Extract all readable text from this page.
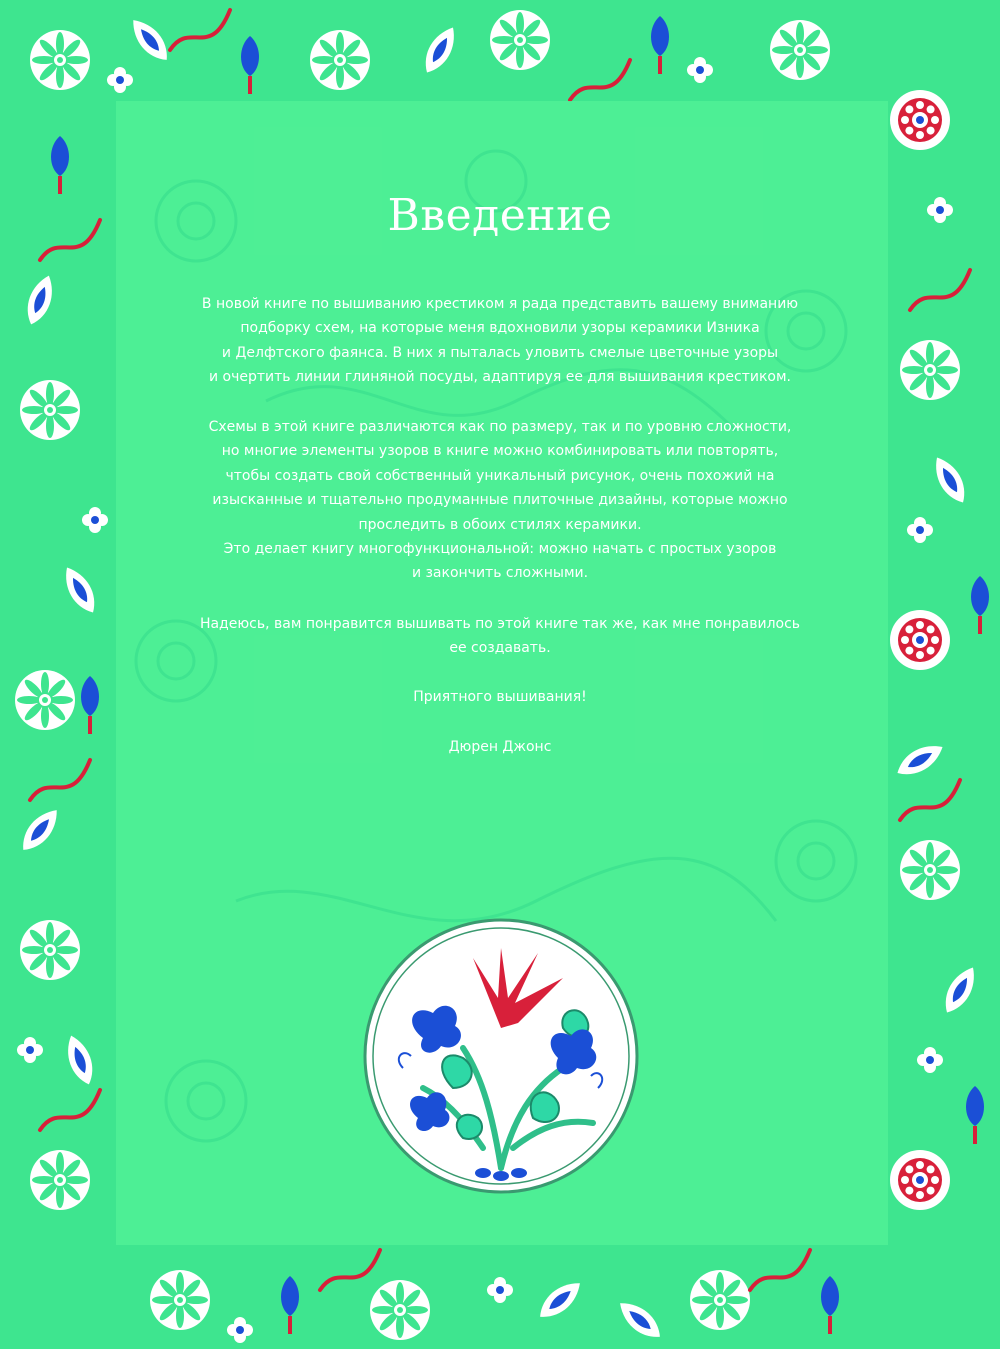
Введение
В новой книге по вышиванию крестиком я рада представить вашему вниманию
подборку схем, на которые меня вдохновили узоры керамики Изника
и Делфтского фаянса. В них я пыталась уловить смелые цветочные узоры
и очертить линии глиняной посуды, адаптируя ее для вышивания крестиком.
Схемы в этой книге различаются как по размеру, так и по уровню сложности,
но многие элементы узоров в книге можно комбинировать или повторять,
чтобы создать свой собственный уникальный рисунок, очень похожий на
изысканные и тщательно продуманные плиточные дизайны, которые можно
проследить в обоих стилях керамики.
Это делает книгу многофункциональной: можно начать с простых узоров
и закончить сложными.
Надеюсь, вам понравится вышивать по этой книге так же, как мне понравилось
ее создавать.
Приятного вышивания!
Дюрен Джонс
